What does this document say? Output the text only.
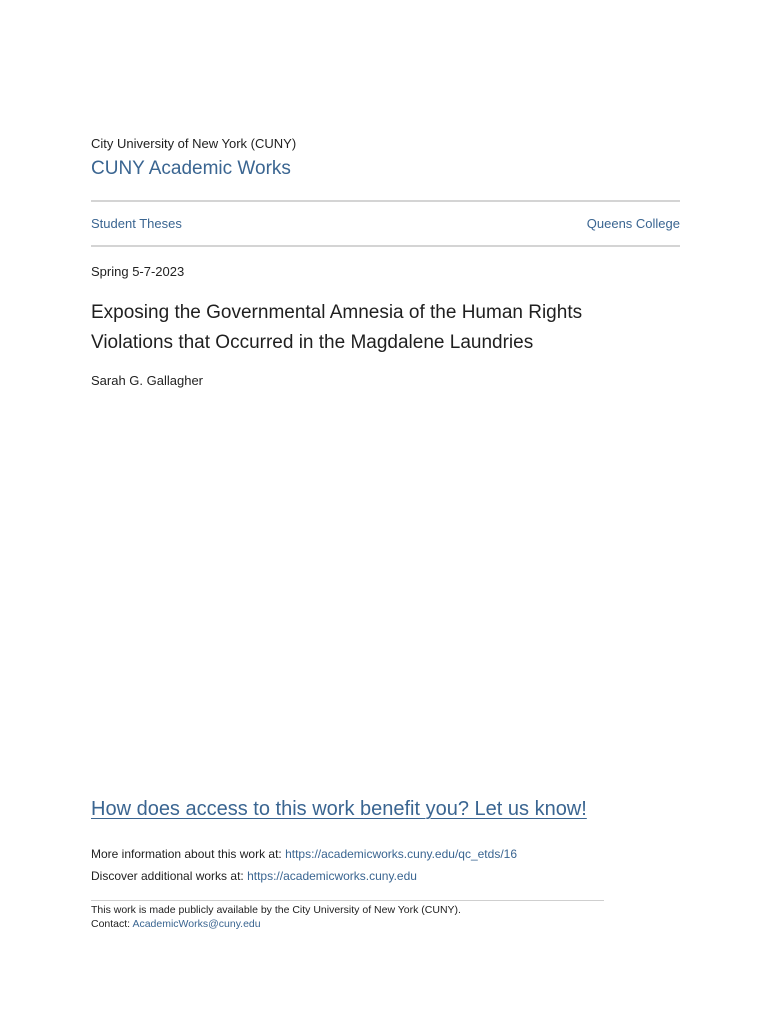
City University of New York (CUNY)
CUNY Academic Works
Student Theses	Queens College
Spring 5-7-2023
Exposing the Governmental Amnesia of the Human Rights
Violations that Occurred in the Magdalene Laundries
Sarah G. Gallagher
How does access to this work benefit you? Let us know!
More information about this work at: https://academicworks.cuny.edu/qc_etds/16
Discover additional works at: https://academicworks.cuny.edu
This work is made publicly available by the City University of New York (CUNY).
Contact: AcademicWorks@cuny.edu
